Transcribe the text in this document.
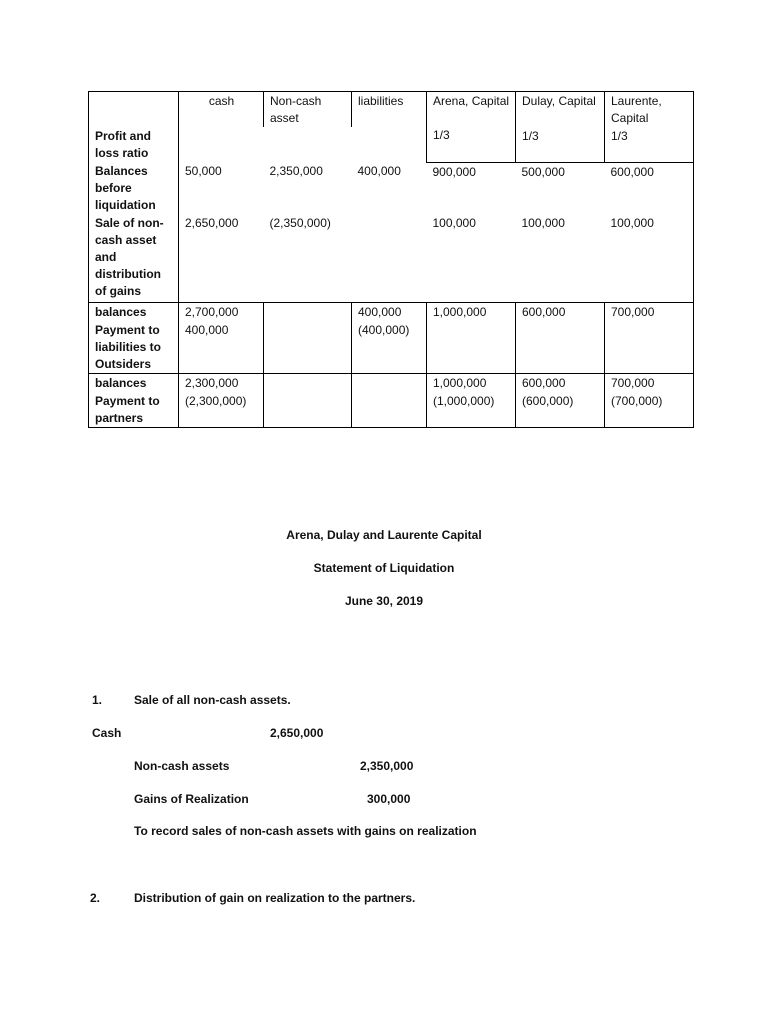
	cash	Non-cash asset	liabilities	Arena, Capital	Dulay, Capital	Laurente, Capital
Profit and loss ratio				1/3	1/3	1/3
Balances before liquidation	50,000	2,350,000	400,000	900,000	500,000	600,000
Sale of non-cash asset and distribution of gains	2,650,000	(2,350,000)		100,000	100,000	100,000
balances	2,700,000		400,000	1,000,000	600,000	700,000
Payment to liabilities to Outsiders	400,000		(400,000)			
balances	2,300,000			1,000,000	600,000	700,000
Payment to partners	(2,300,000)			(1,000,000)	(600,000)	(700,000)
Arena, Dulay and Laurente Capital
Statement of Liquidation
June 30, 2019
1.	Sale of all non-cash assets.
Cash	2,650,000
Non-cash assets	2,350,000
Gains of Realization	300,000
To record sales of non-cash assets with gains on realization
2.	Distribution of gain on realization to the partners.
